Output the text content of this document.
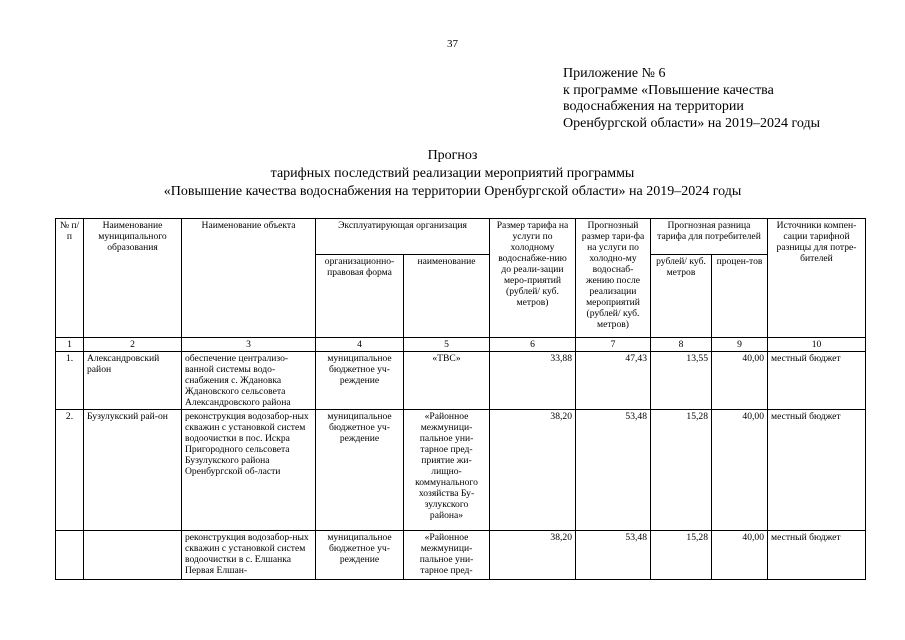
37
Приложение № 6
к программе «Повышение качества
водоснабжения на территории
Оренбургской области» на 2019–2024 годы
Прогноз
тарифных последствий реализации мероприятий программы
«Повышение качества водоснабжения на территории Оренбургской области» на 2019–2024 годы
№ п/п	Наименование муниципального образования	Наименование объекта	Эксплуатирующая организация		Размер тарифа на услуги по холодному водоснабже-нию до реали-зации меро-приятий (рублей/ куб. метров)	Прогнозный размер тари-фа на услуги по холодно-му водоснаб-жению после реализации мероприятий (рублей/ куб. метров)	Прогнозная разница тарифа для потребителей		Источники компен-сации тарифной разницы для потре-бителей
			организационно-правовая форма	наименование			рублей/ куб. метров	процен-тов	
1	2	3	4	5	6	7	8	9	10
1.	Александровский район	обеспечение централизо-ванной системы водо-снабжения с. Ждановка Ждановского сельсовета Александровского района	муниципальное бюджетное уч-реждение	«ТВС»	33,88	47,43	13,55	40,00	местный бюджет
2.	Бузулукский рай-он	реконструкция водозабор-ных скважин с установкой систем водоочистки в пос. Искра Пригородного сельсовета Бузулукского района Оренбургской об-ласти	муниципальное бюджетное уч-реждение	«Районное межмуници-пальное уни-тарное пред-приятие жи-лищно-коммунального хозяйства Бу-зулукского района»	38,20	53,48	15,28	40,00	местный бюджет
		реконструкция водозабор-ных скважин с установкой систем водоочистки в с. Елшанка Первая Елшан-	муниципальное бюджетное уч-реждение	«Районное межмуници-пальное уни-тарное пред-	38,20	53,48	15,28	40,00	местный бюджет
